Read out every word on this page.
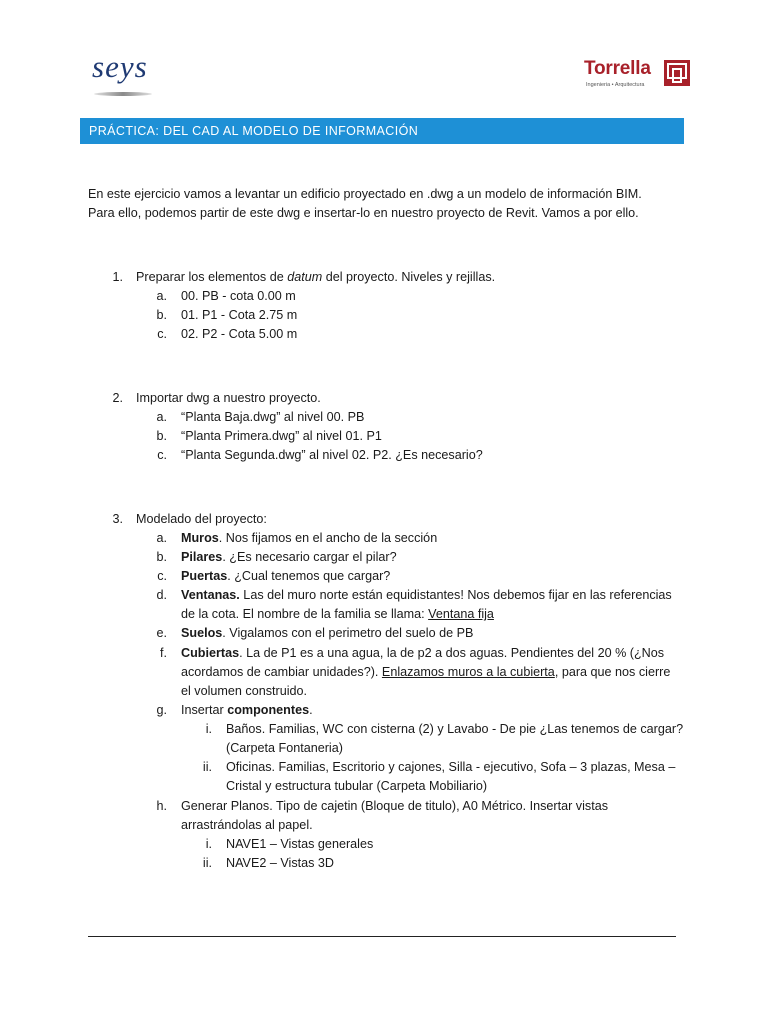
seys	Torrella
Ingenieria • Arquitectura
PRÁCTICA: DEL CAD AL MODELO DE INFORMACIÓN
En este ejercicio vamos a levantar un edificio proyectado en .dwg a un modelo de información BIM.
Para ello, podemos partir de este dwg e insertar-lo en nuestro proyecto de Revit. Vamos a por ello.
1. Preparar los elementos de datum del proyecto. Niveles y rejillas.
a. 00. PB - cota 0.00 m
b. 01. P1 - Cota 2.75 m
c. 02. P2 - Cota 5.00 m
2. Importar dwg a nuestro proyecto.
a. “Planta Baja.dwg” al nivel 00. PB
b. “Planta Primera.dwg” al nivel 01. P1
c. “Planta Segunda.dwg” al nivel 02. P2. ¿Es necesario?
3. Modelado del proyecto:
a. Muros. Nos fijamos en el ancho de la sección
b. Pilares. ¿Es necesario cargar el pilar?
c. Puertas. ¿Cual tenemos que cargar?
d. Ventanas. Las del muro norte están equidistantes! Nos debemos fijar en las referencias
de la cota. El nombre de la familia se llama: Ventana fija
e. Suelos. Vigalamos con el perimetro del suelo de PB
f. Cubiertas. La de P1 es a una agua, la de p2 a dos aguas. Pendientes del 20 % (¿Nos
acordamos de cambiar unidades?). Enlazamos muros a la cubierta, para que nos cierre
el volumen construido.
g. Insertar componentes.
i. Baños. Familias, WC con cisterna (2) y Lavabo - De pie ¿Las tenemos de cargar?
(Carpeta Fontaneria)
ii. Oficinas. Familias, Escritorio y cajones, Silla - ejecutivo, Sofa – 3 plazas, Mesa –
Cristal y estructura tubular (Carpeta Mobiliario)
h. Generar Planos. Tipo de cajetin (Bloque de titulo), A0 Métrico. Insertar vistas
arrastrándolas al papel.
i. NAVE1 – Vistas generales
ii. NAVE2 – Vistas 3D
